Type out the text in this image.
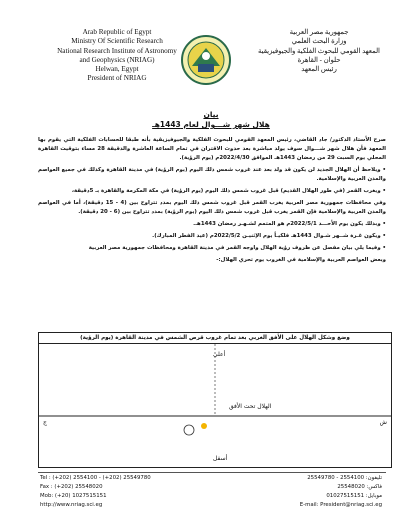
Arab Republic of Egypt
Ministry Of Scientific Research
National Research Institute of Astronomy
and Geophysics (NRIAG)
Helwan, Egypt
President of NRIAG
جمهورية مصر العربية
وزارة البحث العلمي
المعهد القومي للبحوث الفلكية والجيوفيزيقية
حلوان - القاهرة
رئيس المعهد
بيان
هلال شهر شـــوال لعام 1443هـ

صرح الأستاذ الدكتور/ جاد القاضي، رئيس المعهد القومي للبحوث الفلكية والجيوفيزيقية بأنه طبقا للحسابات الفلكية التي يقوم بها المعهد فأن هلال شهر شـــوال سوف يولد مباشرة بعد حدوث الاقتران في تمام الساعة العاشرة والدقيقة 28 مساء بتوقيت القاهرة المحلي يوم السبت 29 من رمضان 1443هـ الموافق 2022/4/30م (يوم الرؤية).

• ويلاحظ أن الهلال الجديد لن يكون قد ولد بعد عند غروب شمس ذلك اليوم (يوم الرؤية) في مدينة القاهرة وكذلك في جميع العواصم والمدن العربية والإسلامية.

• ويغرب القمر (في طور الهلال القديم) قبل غروب شمس ذلك اليوم (يوم الرؤية) في مكة المكرمة والقاهرة بـ 5دقيقة،

وفي محافظات جمهورية مصر العربية يغرب القمر قبل غروب شمس ذلك اليوم بمدد تتراوح بين (4 - 15 دقيقة)، أما في العواصم والمدن العربية والإسلامية فإن القمر يغرب قبل غروب شمس ذلك اليوم (يوم الرؤية) بمدد تتراوح بين (6 - 20 دقيقة).

• وبذلك يكون يوم الأحـــد 2022/5/1م هو المتمم لشـهـر رمضان 1443هـ.

• ويكون غـرة شــهر شـوال 1443هـ فلكيـاً يوم الإثنيـن 2022/5/2م (عيد الفطر المبارك).

• وفيما يلي بيان مفصل عن ظروف رؤية الهلال واوجه القمر في مدينة القاهرة ومحافظات جمهورية مصر العربية

وبعض العواصم العربية والإسلامية في الغروب يوم تحري الهلال:-

وضع وشكل الهلال على الأفق الغربي بعد تمام غروب قرص الشمس في مدينة القاهرة (يوم الرؤية)
أعلى
الهلال تحت الأفق
ج	ش
أسفل
Tel : (+202) 2554100 - (+202) 25549780
Fax : (+202) 25548020
Mob: (+20) 1027515151
http://www.nriag.sci.eg
تليفون: 2554100 - 25549780
فاكس: 25548020
موبايل: 01027515151
E-mail: President@nriag.sci.eg
